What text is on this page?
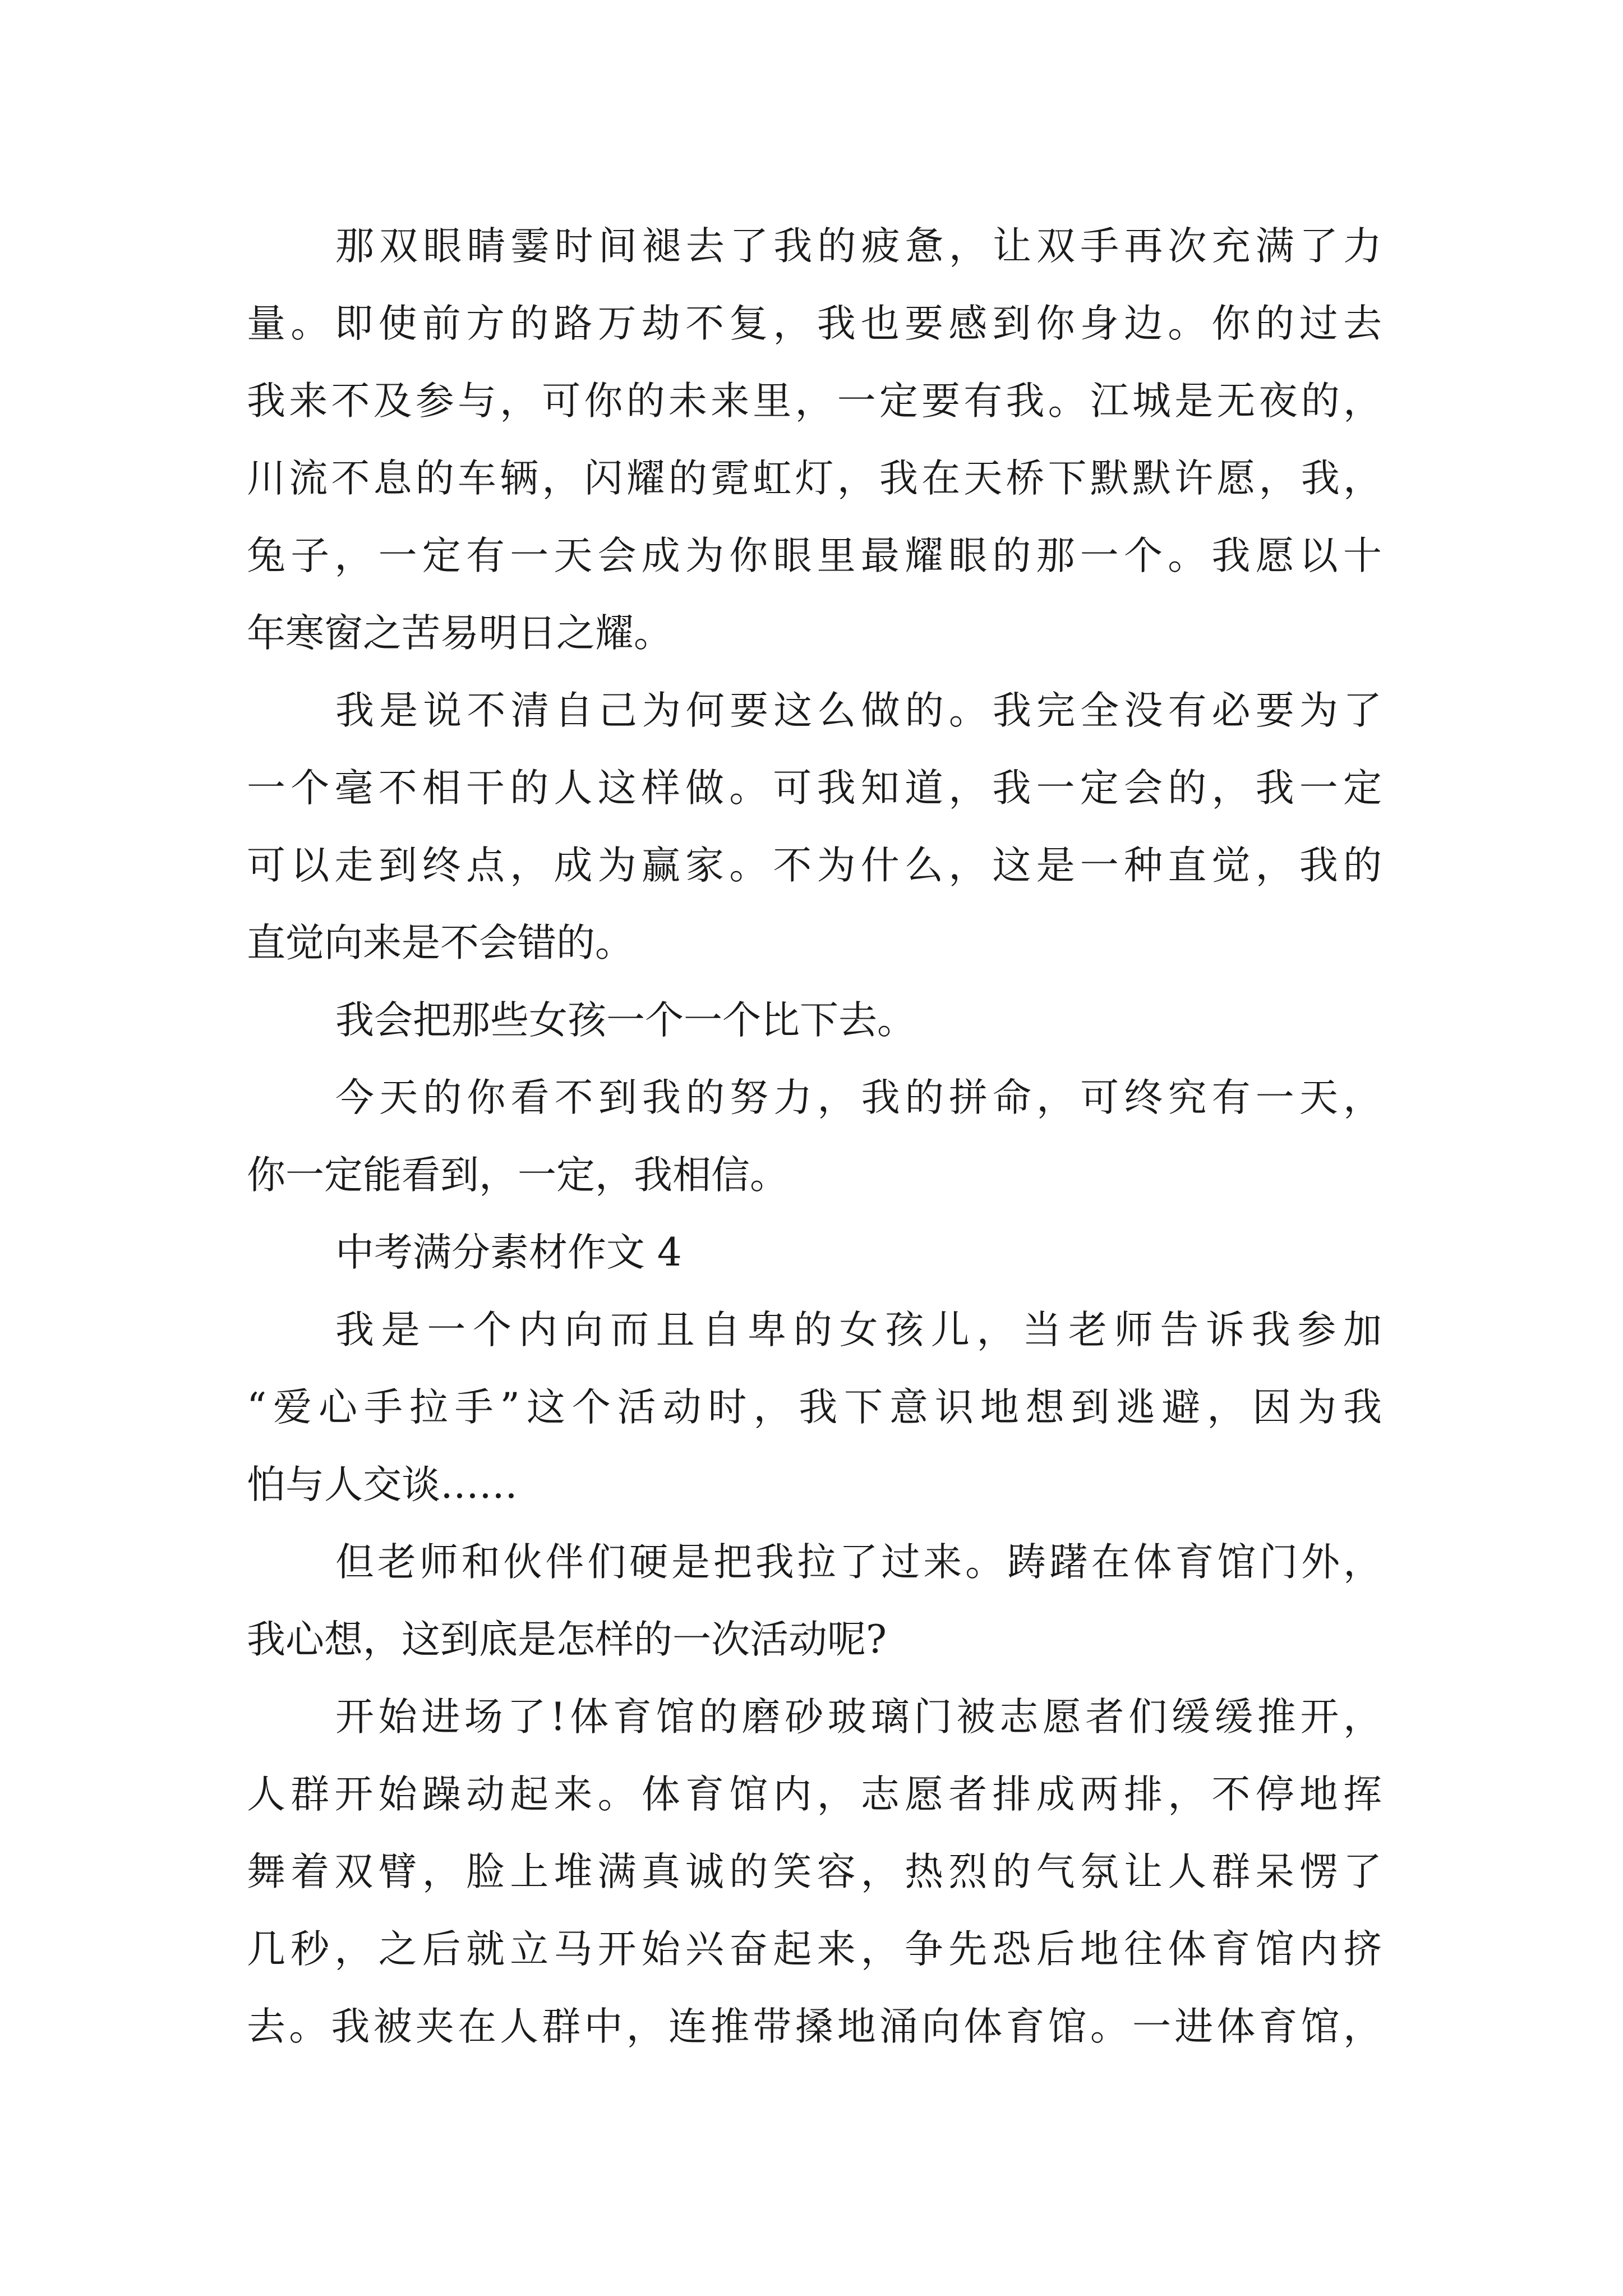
那双眼睛霎时间褪去了我的疲惫，让双手再次充满了力
量。即使前方的路万劫不复，我也要感到你身边。你的过去
我来不及参与，可你的未来里，一定要有我。江城是无夜的，
川流不息的车辆，闪耀的霓虹灯，我在天桥下默默许愿，我，
兔子，一定有一天会成为你眼里最耀眼的那一个。我愿以十
年寒窗之苦易明日之耀。
我是说不清自己为何要这么做的。我完全没有必要为了
一个毫不相干的人这样做。可我知道，我一定会的，我一定
可以走到终点，成为赢家。不为什么，这是一种直觉，我的
直觉向来是不会错的。
我会把那些女孩一个一个比下去。
今天的你看不到我的努力，我的拼命，可终究有一天，
你一定能看到，一定，我相信。
中考满分素材作文 4
我是一个内向而且自卑的女孩儿，当老师告诉我参加
“爱心手拉手”这个活动时，我下意识地想到逃避，因为我
怕与人交谈……
但老师和伙伴们硬是把我拉了过来。踌躇在体育馆门外，
我心想，这到底是怎样的一次活动呢?
开始进场了!体育馆的磨砂玻璃门被志愿者们缓缓推开，
人群开始躁动起来。体育馆内，志愿者排成两排，不停地挥
舞着双臂，脸上堆满真诚的笑容，热烈的气氛让人群呆愣了
几秒，之后就立马开始兴奋起来，争先恐后地往体育馆内挤
去。我被夹在人群中，连推带搡地涌向体育馆。一进体育馆，
